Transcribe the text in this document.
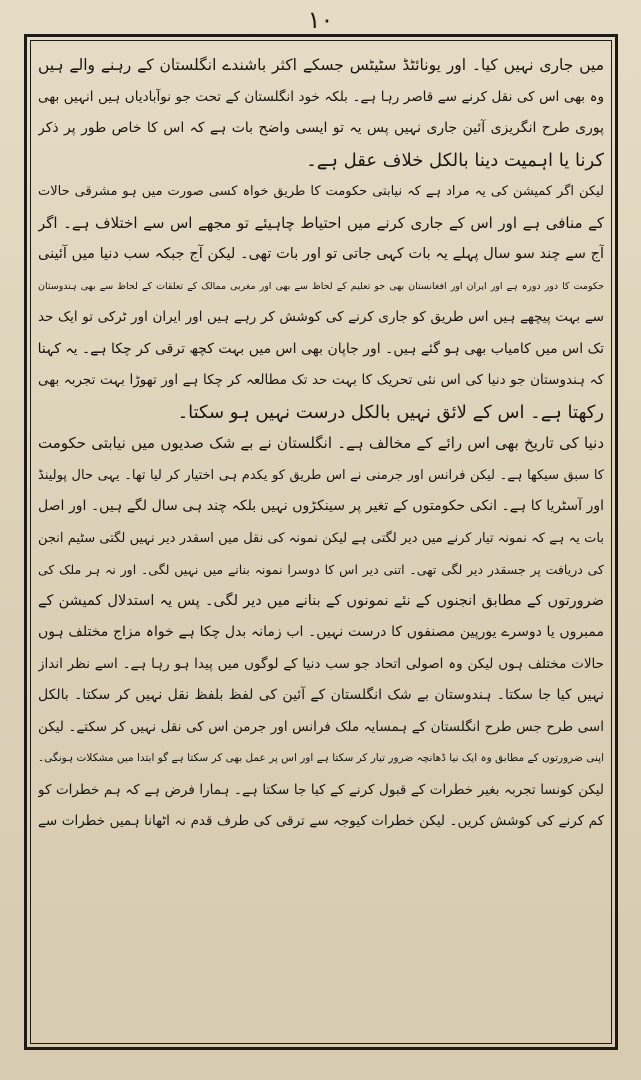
۱۰
میں جاری نہیں کیا۔ اور یونائٹڈ سٹیٹس جسکے اکثر باشندے انگلستان کے رہنے والے ہیں
وہ بھی اس کی نقل کرنے سے قاصر رہا ہے۔ بلکہ خود انگلستان کے تحت جو نوآبادیاں ہیں انہیں بھی
پوری طرح انگریزی آئین جاری نہیں پس یہ تو ایسی واضح بات ہے کہ اس کا خاص طور پر ذکر
کرنا یا اہمیت دینا بالکل خلاف عقل ہے۔
لیکن اگر کمیشن کی یہ مراد ہے کہ نیابتی حکومت کا طریق خواہ کسی صورت میں ہو مشرقی حالات
کے منافی ہے اور اس کے جاری کرنے میں احتیاط چاہیئے تو مجھے اس سے اختلاف ہے۔ اگر
آج سے چند سو سال پہلے یہ بات کہی جاتی تو اور بات تھی۔ لیکن آج جبکہ سب دنیا میں آئینی
حکومت کا دور دورہ ہے اور ایران اور افغانستان بھی جو تعلیم کے لحاظ سے بھی اور مغربی ممالک کے تعلقات کے لحاظ سے بھی ہندوستان
سے بہت پیچھے ہیں اس طریق کو جاری کرنے کی کوشش کر رہے ہیں اور ایران اور ٹرکی تو ایک حد
تک اس میں کامیاب بھی ہو گئے ہیں۔ اور جاپان بھی اس میں بہت کچھ ترقی کر چکا ہے۔ یہ کہنا
کہ ہندوستان جو دنیا کی اس نئی تحریک کا بہت حد تک مطالعہ کر چکا ہے اور تھوڑا بہت تجربہ بھی
رکھتا ہے۔ اس کے لائق نہیں بالکل درست نہیں ہو سکتا۔
دنیا کی تاریخ بھی اس رائے کے مخالف ہے۔ انگلستان نے بے شک صدیوں میں نیابتی حکومت
کا سبق سیکھا ہے۔ لیکن فرانس اور جرمنی نے اس طریق کو یکدم ہی اختیار کر لیا تھا۔ یہی حال پولینڈ
اور آسٹریا کا ہے۔ انکی حکومتوں کے تغیر پر سینکڑوں نہیں بلکہ چند ہی سال لگے ہیں۔ اور اصل
بات یہ ہے کہ نمونہ تیار کرنے میں دیر لگتی ہے لیکن نمونہ کی نقل میں اسقدر دیر نہیں لگتی سٹیم انجن
کی دریافت پر جسقدر دیر لگی تھی۔ اتنی دیر اس کا دوسرا نمونہ بنانے میں نہیں لگی۔ اور نہ ہر ملک کی
ضرورتوں کے مطابق انجنوں کے نئے نمونوں کے بنانے میں دیر لگی۔ پس یہ استدلال کمیشن کے
ممبروں یا دوسرے یورپین مصنفوں کا درست نہیں۔ اب زمانہ بدل چکا ہے خواہ مزاج مختلف ہوں
حالات مختلف ہوں لیکن وہ اصولی اتحاد جو سب دنیا کے لوگوں میں پیدا ہو رہا ہے۔ اسے نظر انداز
نہیں کیا جا سکتا۔ ہندوستان بے شک انگلستان کے آئین کی لفظ بلفظ نقل نہیں کر سکتا۔ بالکل
اسی طرح جس طرح انگلستان کے ہمسایہ ملک فرانس اور جرمن اس کی نقل نہیں کر سکتے۔ لیکن
اپنی ضرورتوں کے مطابق وہ ایک نیا ڈھانچہ ضرور تیار کر سکتا ہے اور اس پر عمل بھی کر سکتا ہے گو ابتدا میں مشکلات ہونگی۔
لیکن کونسا تجربہ بغیر خطرات کے قبول کرنے کے کیا جا سکتا ہے۔ ہمارا فرض ہے کہ ہم خطرات کو
کم کرنے کی کوشش کریں۔ لیکن خطرات کیوجہ سے ترقی کی طرف قدم نہ اٹھانا ہمیں خطرات سے
